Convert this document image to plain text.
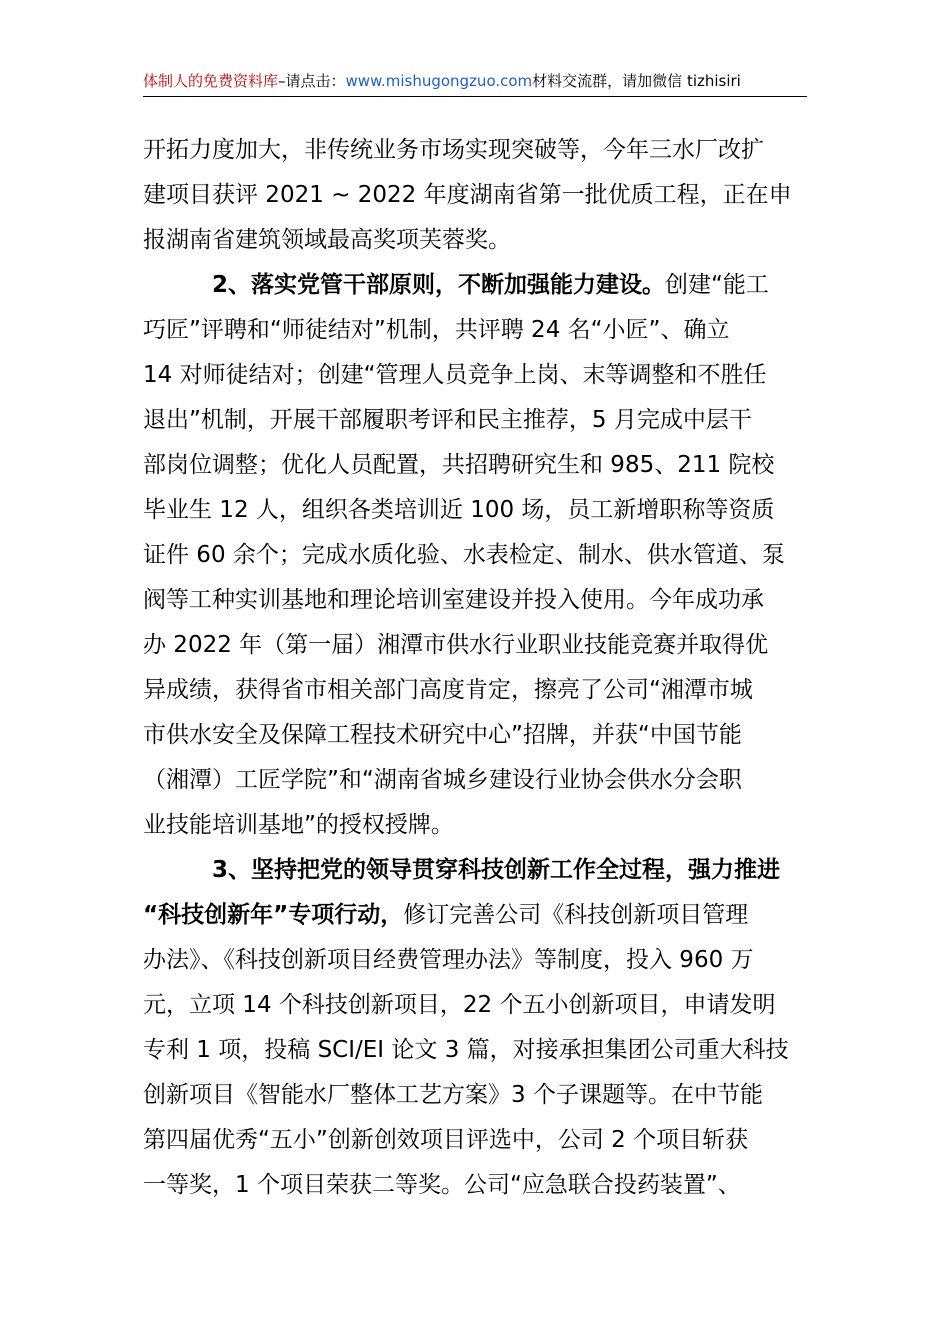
体制人的免费资料库–请点击：www.mishugongzuo.com材料交流群，请加微信 tizhisiri
开拓力度加大，非传统业务市场实现突破等，今年三水厂改扩
建项目获评 2021 ~ 2022 年度湖南省第一批优质工程，正在申
报湖南省建筑领域最高奖项芙蓉奖。
2、落实党管干部原则，不断加强能力建设。创建“能工
巧匠”评聘和“师徒结对”机制，共评聘 24 名“小匠”、确立
14 对师徒结对；创建“管理人员竞争上岗、末等调整和不胜任
退出”机制，开展干部履职考评和民主推荐，5 月完成中层干
部岗位调整；优化人员配置，共招聘研究生和 985、211 院校
毕业生 12 人，组织各类培训近 100 场，员工新增职称等资质
证件 60 余个；完成水质化验、水表检定、制水、供水管道、泵
阀等工种实训基地和理论培训室建设并投入使用。今年成功承
办 2022 年（第一届）湘潭市供水行业职业技能竞赛并取得优
异成绩，获得省市相关部门高度肯定，擦亮了公司“湘潭市城
市供水安全及保障工程技术研究中心”招牌，并获“中国节能
（湘潭）工匠学院”和“湖南省城乡建设行业协会供水分会职
业技能培训基地”的授权授牌。
3、坚持把党的领导贯穿科技创新工作全过程，强力推进
“科技创新年”专项行动，修订完善公司《科技创新项目管理
办法》、《科技创新项目经费管理办法》等制度，投入 960 万
元，立项 14 个科技创新项目，22 个五小创新项目，申请发明
专利 1 项，投稿 SCI/EI 论文 3 篇，对接承担集团公司重大科技
创新项目《智能水厂整体工艺方案》3 个子课题等。在中节能
第四届优秀“五小”创新创效项目评选中，公司 2 个项目斩获
一等奖，1 个项目荣获二等奖。公司“应急联合投药装置”、
